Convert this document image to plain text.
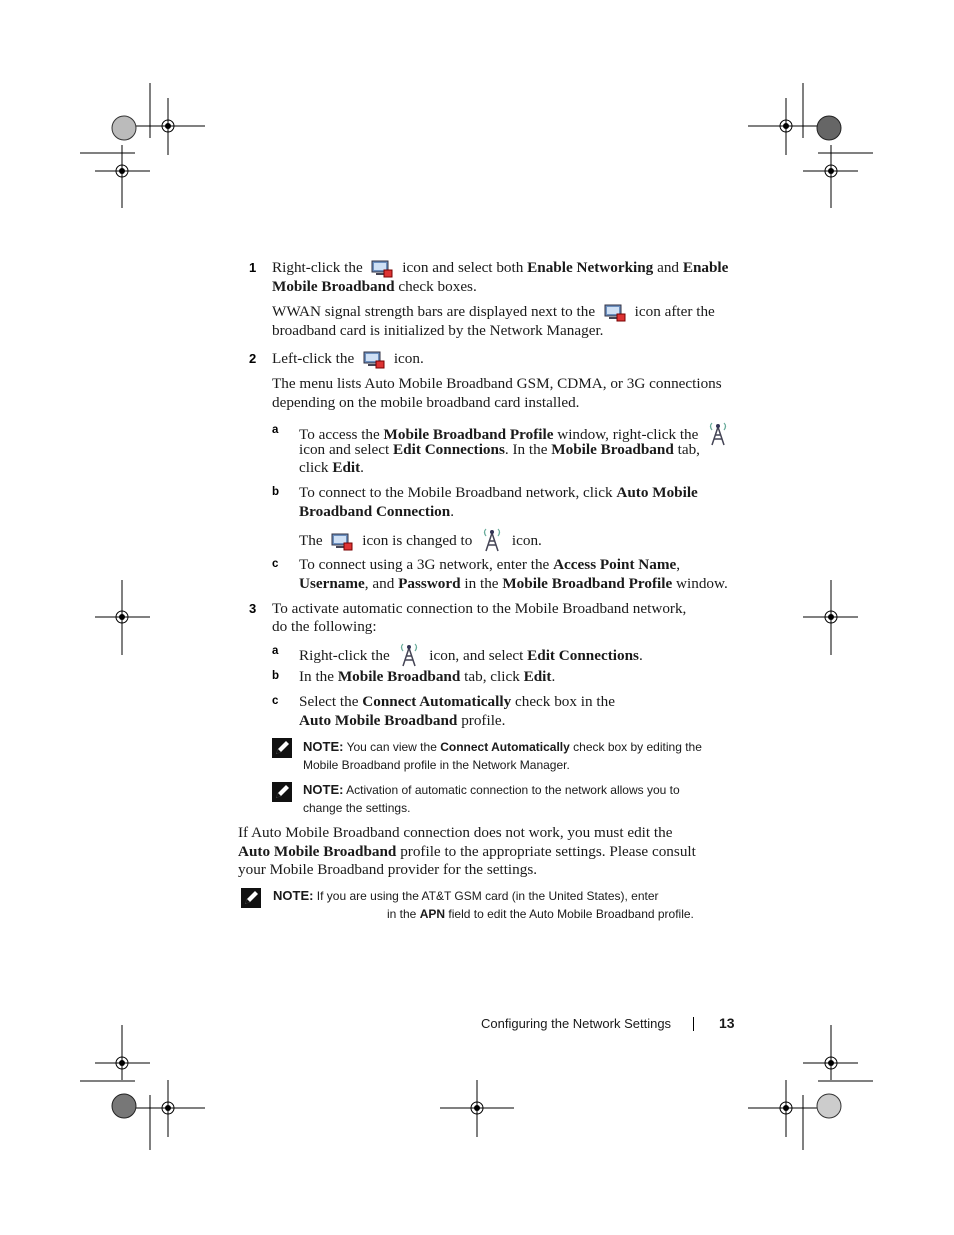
1 Right-click the	icon and select both Enable Networking and Enable
Mobile Broadband check boxes.
WWAN signal strength bars are displayed next to the	icon after the
broadband card is initialized by the Network Manager.
2 Left-click the	icon.
The menu lists Auto Mobile Broadband GSM, CDMA, or 3G connections
depending on the mobile broadband card installed.
a To access the Mobile Broadband Profile window, right-click the
icon and select Edit Connections. In the Mobile Broadband tab,
click Edit.
b To connect to the Mobile Broadband network, click Auto Mobile
Broadband Connection.
The	icon is changed to	icon.
c To connect using a 3G network, enter the Access Point Name,
Username, and Password in the Mobile Broadband Profile window.
3 To activate automatic connection to the Mobile Broadband network,
do the following:
a Right-click the	icon, and select Edit Connections.
b In the Mobile Broadband tab, click Edit.
c Select the Connect Automatically check box in the
Auto Mobile Broadband profile.
NOTE: You can view the Connect Automatically check box by editing the
Mobile Broadband profile in the Network Manager.
NOTE: Activation of automatic connection to the network allows you to
change the settings.
If Auto Mobile Broadband connection does not work, you must edit the
Auto Mobile Broadband profile to the appropriate settings. Please consult
your Mobile Broadband provider for the settings.
NOTE: If you are using the AT&T GSM card (in the United States), enter
in the APN field to edit the Auto Mobile Broadband profile.
Configuring the Network Settings	13
